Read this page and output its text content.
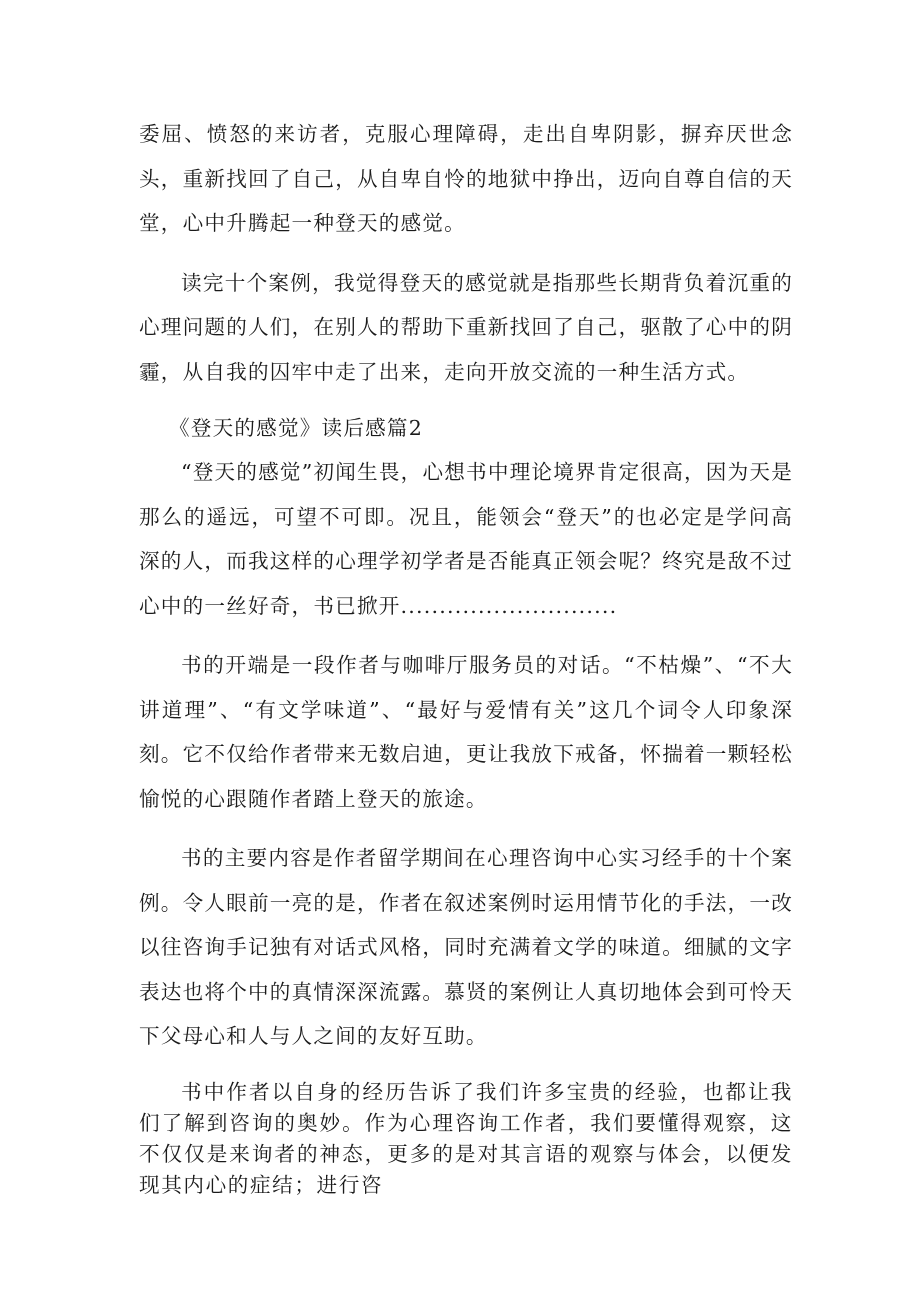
委屈、愤怒的来访者，克服心理障碍，走出自卑阴影，摒弃厌世念头，重新找回了自己，从自卑自怜的地狱中挣出，迈向自尊自信的天堂，心中升腾起一种登天的感觉。

读完十个案例，我觉得登天的感觉就是指那些长期背负着沉重的心理问题的人们，在别人的帮助下重新找回了自己，驱散了心中的阴霾，从自我的囚牢中走了出来，走向开放交流的一种生活方式。

《登天的感觉》读后感篇2

“登天的感觉”初闻生畏，心想书中理论境界肯定很高，因为天是那么的遥远，可望不可即。况且，能领会“登天”的也必定是学问高深的人，而我这样的心理学初学者是否能真正领会呢？终究是敌不过心中的一丝好奇，书已掀开............................

书的开端是一段作者与咖啡厅服务员的对话。“不枯燥”、“不大讲道理”、“有文学味道”、“最好与爱情有关”这几个词令人印象深刻。它不仅给作者带来无数启迪，更让我放下戒备，怀揣着一颗轻松愉悦的心跟随作者踏上登天的旅途。

书的主要内容是作者留学期间在心理咨询中心实习经手的十个案例。令人眼前一亮的是，作者在叙述案例时运用情节化的手法，一改以往咨询手记独有对话式风格，同时充满着文学的味道。细腻的文字表达也将个中的真情深深流露。慕贤的案例让人真切地体会到可怜天下父母心和人与人之间的友好互助。

书中作者以自身的经历告诉了我们许多宝贵的经验，也都让我们了解到咨询的奥妙。作为心理咨询工作者，我们要懂得观察，这不仅仅是来询者的神态，更多的是对其言语的观察与体会，以便发现其内心的症结；进行咨
